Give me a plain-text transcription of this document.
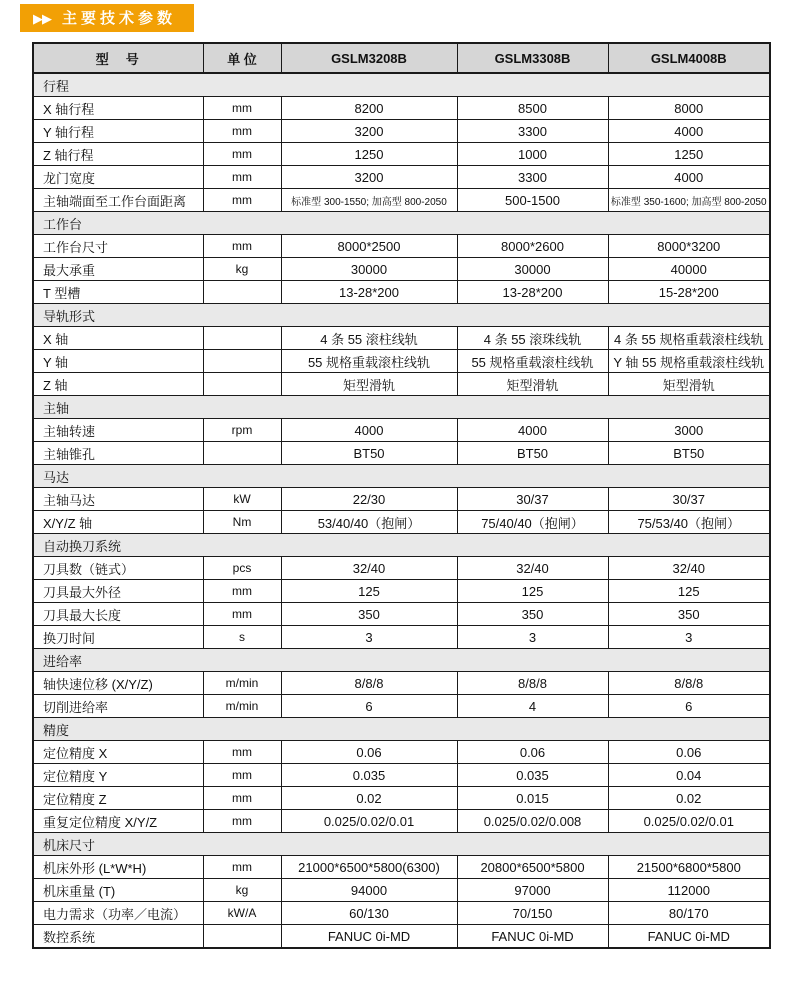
▶▶ 主要技术参数
型　号	单 位	GSLM3208B	GSLM3308B	GSLM4008B
行程				
X 轴行程	mm	8200	8500	8000
Y 轴行程	mm	3200	3300	4000
Z 轴行程	mm	1250	1000	1250
龙门宽度	mm	3200	3300	4000
主轴端面至工作台面距离	mm	标准型 300-1550; 加高型 800-2050	500-1500	标准型 350-1600; 加高型 800-2050
工作台				
工作台尺寸	mm	8000*2500	8000*2600	8000*3200
最大承重	kg	30000	30000	40000
T 型槽		13-28*200	13-28*200	15-28*200
导轨形式				
X 轴		4 条 55 滚柱线轨	4 条 55 滚珠线轨	4 条 55 规格重载滚柱线轨
Y 轴		55 规格重载滚柱线轨	55 规格重载滚柱线轨	Y 轴 55 规格重载滚柱线轨
Z 轴		矩型滑轨	矩型滑轨	矩型滑轨
主轴				
主轴转速	rpm	4000	4000	3000
主轴锥孔		BT50	BT50	BT50
马达				
主轴马达	kW	22/30	30/37	30/37
X/Y/Z 轴	Nm	53/40/40（抱闸）	75/40/40（抱闸）	75/53/40（抱闸）
自动换刀系统				
刀具数（链式）	pcs	32/40	32/40	32/40
刀具最大外径	mm	125	125	125
刀具最大长度	mm	350	350	350
换刀时间	s	3	3	3
进给率				
轴快速位移 (X/Y/Z)	m/min	8/8/8	8/8/8	8/8/8
切削进给率	m/min	6	4	6
精度				
定位精度 X	mm	0.06	0.06	0.06
定位精度 Y	mm	0.035	0.035	0.04
定位精度 Z	mm	0.02	0.015	0.02
重复定位精度 X/Y/Z	mm	0.025/0.02/0.01	0.025/0.02/0.008	0.025/0.02/0.01
机床尺寸				
机床外形 (L*W*H)	mm	21000*6500*5800(6300)	20800*6500*5800	21500*6800*5800
机床重量 (T)	kg	94000	97000	112000
电力需求（功率／电流）	kW/A	60/130	70/150	80/170
数控系统		FANUC 0i-MD	FANUC 0i-MD	FANUC 0i-MD
